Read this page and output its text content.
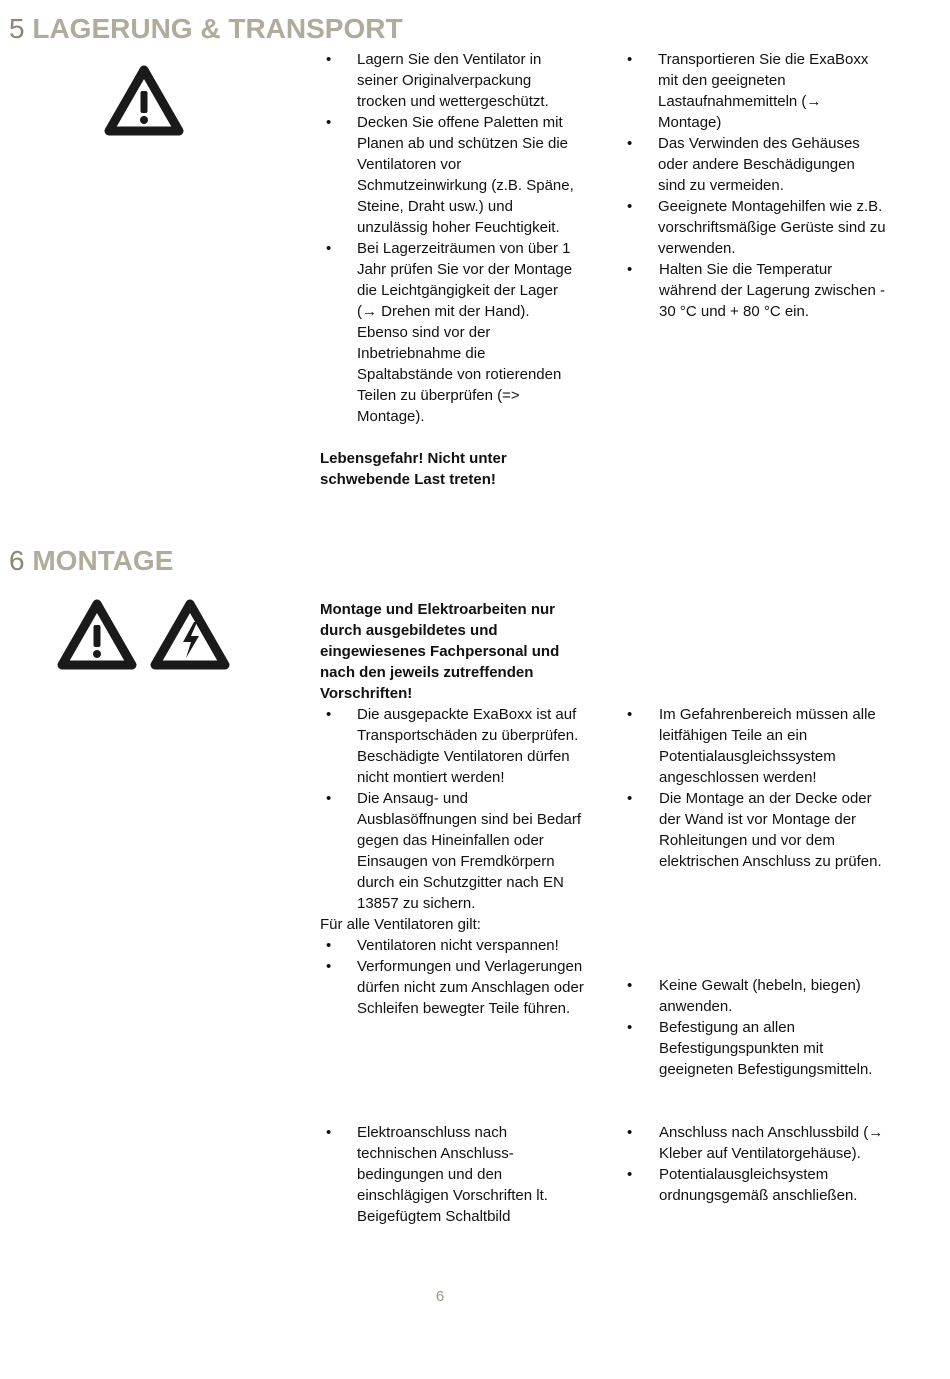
5 LAGERUNG & TRANSPORT
• Lagern Sie den Ventilator in seiner Originalverpackung trocken und wettergeschützt.
• Decken Sie offene Paletten mit Planen ab und schützen Sie die Ventilatoren vor Schmutzeinwirkung (z.B. Späne, Steine, Draht usw.) und unzulässig hoher Feuchtigkeit.
• Bei Lagerzeiträumen von über 1 Jahr prüfen Sie vor der Montage die Leichtgängigkeit der Lager (→ Drehen mit der Hand). Ebenso sind vor der Inbetriebnahme die Spaltabstände von rotierenden Teilen zu überprüfen (=> Montage).

Lebensgefahr! Nicht unter schwebende Last treten!

• Transportieren Sie die ExaBoxx mit den geeigneten Lastaufnahmemitteln (→ Montage)
• Das Verwinden des Gehäuses oder andere Beschädigungen sind zu vermeiden.
• Geeignete Montagehilfen wie z.B. vorschriftsmäßige Gerüste sind zu verwenden.
• Halten Sie die Temperatur während der Lagerung zwischen - 30 °C und + 80 °C ein.
6 MONTAGE

Montage und Elektroarbeiten nur durch ausgebildetes und eingewiesenes Fachpersonal und nach den jeweils zutreffenden Vorschriften!

• Die ausgepackte ExaBoxx ist auf Transportschäden zu überprüfen. Beschädigte Ventilatoren dürfen nicht montiert werden!
• Die Ansaug- und Ausblasöffnungen sind bei Bedarf gegen das Hineinfallen oder Einsaugen von Fremdkörpern durch ein Schutzgitter nach EN 13857 zu sichern.

Für alle Ventilatoren gilt:

• Ventilatoren nicht verspannen!
• Verformungen und Verlagerungen dürfen nicht zum Anschlagen oder Schleifen bewegter Teile führen.
• Im Gefahrenbereich müssen alle leitfähigen Teile an ein Potentialausgleichssystem angeschlossen werden!
• Die Montage an der Decke oder der Wand ist vor Montage der Rohleitungen und vor dem elektrischen Anschluss zu prüfen.
• Keine Gewalt (hebeln, biegen) anwenden.
• Befestigung an allen Befestigungspunkten mit geeigneten Befestigungsmitteln.
• Elektroanschluss nach technischen Anschluss-bedingungen und den einschlägigen Vorschriften lt. Beigefügtem Schaltbild
• Anschluss nach Anschlussbild (→ Kleber auf Ventilatorgehäuse).
• Potentialausgleichsystem ordnungsgemäß anschließen.
6
